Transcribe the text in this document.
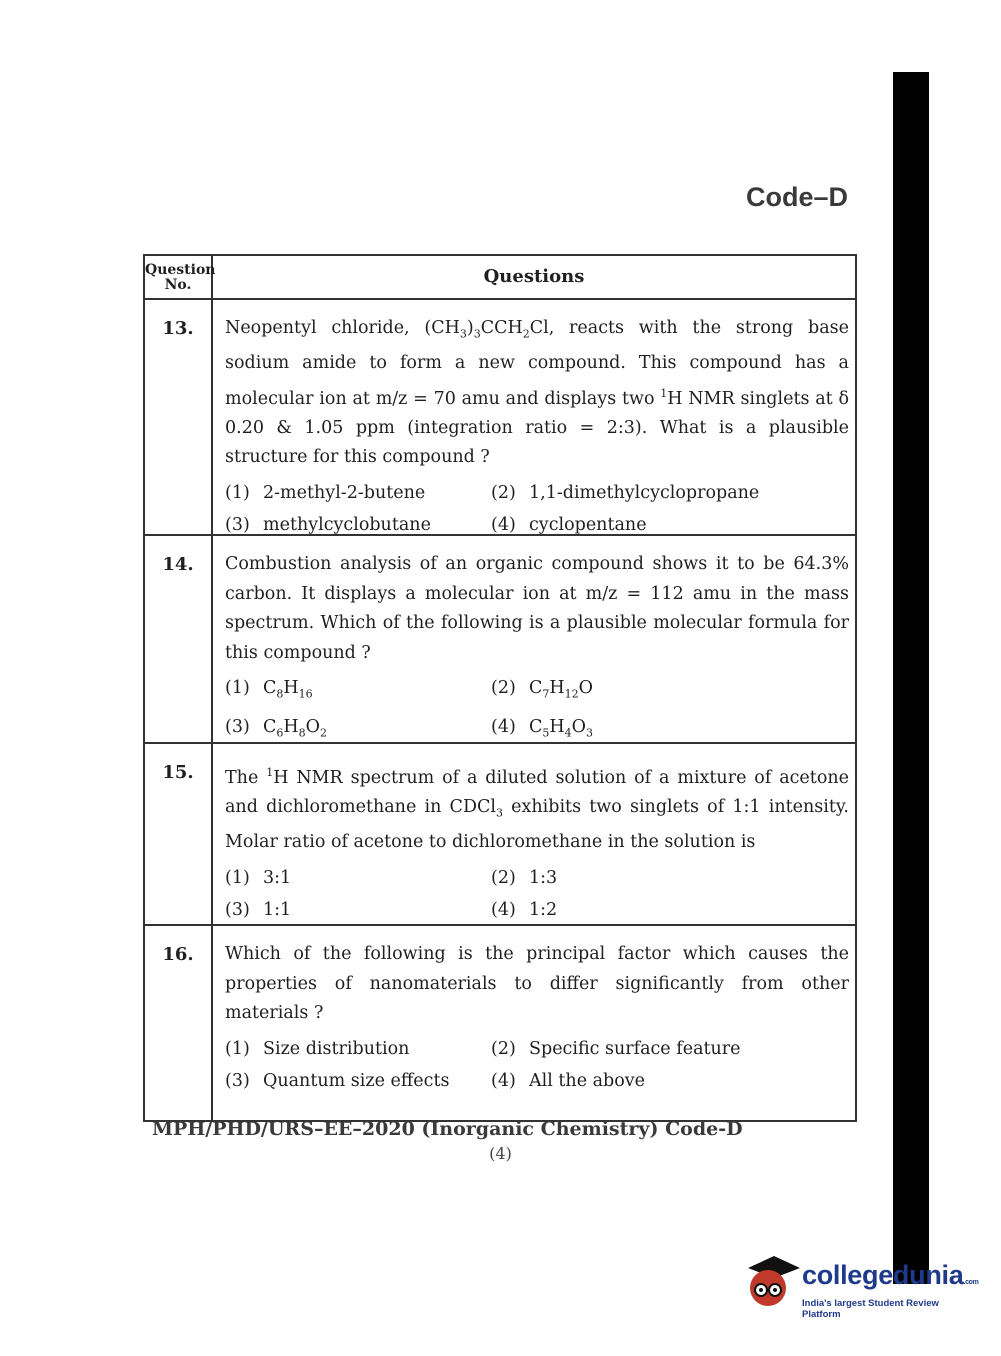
Code–D
Question No.	Questions
13.	Neopentyl chloride, $(CH_3)_3CCH_2Cl$, reacts with the strong base sodium amide to form a new compound. This compound has a molecular ion at m/z = 70 amu and displays two $^1$H NMR singlets at δ 0.20 & 1.05 ppm (integration ratio = 2:3). What is a plausible structure for this compound ?

(1) 2-methyl-2-butene	(2) 1,1-dimethylcyclopropane
(3) methylcyclobutane	(4) cyclopentane
14.	Combustion analysis of an organic compound shows it to be 64.3% carbon. It displays a molecular ion at m/z = 112 amu in the mass spectrum. Which of the following is a plausible molecular formula for this compound ?

(1) $C_8H_{16}$	(2) $C_7H_{12}O$
(3) $C_6H_8O_2$	(4) $C_5H_4O_3$
15.	The $^1$H NMR spectrum of a diluted solution of a mixture of acetone and dichloromethane in CDCl$_3$ exhibits two singlets of 1:1 intensity. Molar ratio of acetone to dichloromethane in the solution is

(1) 3:1	(2) 1:3
(3) 1:1	(4) 1:2
16.	Which of the following is the principal factor which causes the properties of nanomaterials to differ significantly from other materials ?

(1) Size distribution	(2) Specific surface feature
(3) Quantum size effects	(4) All the above
MPH/PHD/URS–EE–2020 (Inorganic Chemistry) Code-D
(4)
collegedunia.com
India's largest Student Review Platform
